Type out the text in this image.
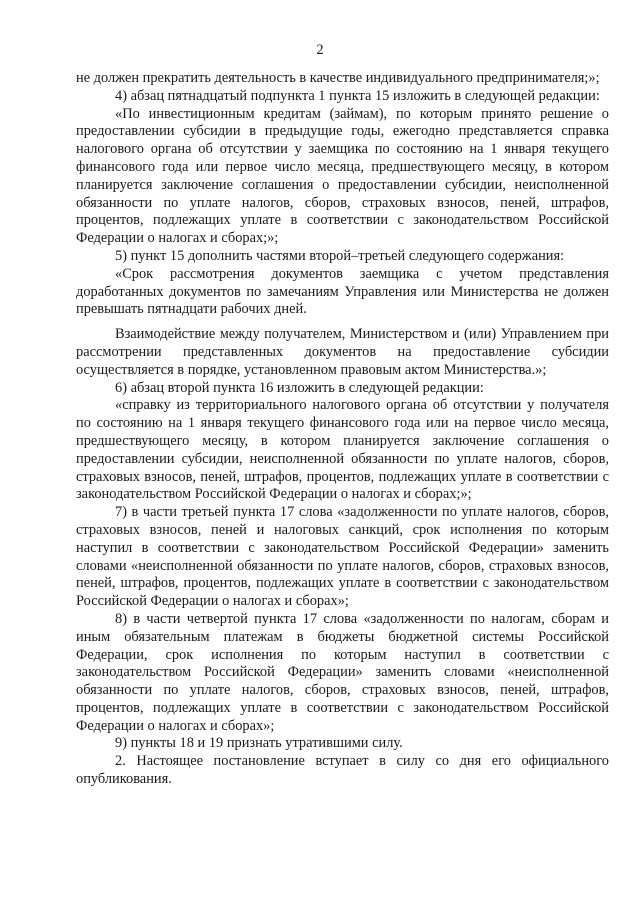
2

не должен прекратить деятельность в качестве индивидуального предпринимателя;»;

4) абзац пятнадцатый подпункта 1 пункта 15 изложить в следующей редакции:

«По инвестиционным кредитам (займам), по которым принято решение о предоставлении субсидии в предыдущие годы, ежегодно представляется справка налогового органа об отсутствии у заемщика по состоянию на 1 января текущего финансового года или первое число месяца, предшествующего месяцу, в котором планируется заключение соглашения о предоставлении субсидии, неисполненной обязанности по уплате налогов, сборов, страховых взносов, пеней, штрафов, процентов, подлежащих уплате в соответствии с законодательством Российской Федерации о налогах и сборах;»;

5) пункт 15 дополнить частями второй–третьей следующего содержания:

«Срок рассмотрения документов заемщика с учетом представления доработанных документов по замечаниям Управления или Министерства не должен превышать пятнадцати рабочих дней.

Взаимодействие между получателем, Министерством и (или) Управлением при рассмотрении представленных документов на предоставление субсидии осуществляется в порядке, установленном правовым актом Министерства.»;

6) абзац второй пункта 16 изложить в следующей редакции:

«справку из территориального налогового органа об отсутствии у получателя по состоянию на 1 января текущего финансового года или на первое число месяца, предшествующего месяцу, в котором планируется заключение соглашения о предоставлении субсидии, неисполненной обязанности по уплате налогов, сборов, страховых взносов, пеней, штрафов, процентов, подлежащих уплате в соответствии с законодательством Российской Федерации о налогах и сборах;»;

7) в части третьей пункта 17 слова «задолженности по уплате налогов, сборов, страховых взносов, пеней и налоговых санкций, срок исполнения по которым наступил в соответствии с законодательством Российской Федерации» заменить словами «неисполненной обязанности по уплате налогов, сборов, страховых взносов, пеней, штрафов, процентов, подлежащих уплате в соответствии с законодательством Российской Федерации о налогах и сборах»;

8) в части четвертой пункта 17 слова «задолженности по налогам, сборам и иным обязательным платежам в бюджеты бюджетной системы Российской Федерации, срок исполнения по которым наступил в соответствии с законодательством Российской Федерации» заменить словами «неисполненной обязанности по уплате налогов, сборов, страховых взносов, пеней, штрафов, процентов, подлежащих уплате в соответствии с законодательством Российской Федерации о налогах и сборах»;

9) пункты 18 и 19 признать утратившими силу.

2. Настоящее постановление вступает в силу со дня его официального опубликования.
